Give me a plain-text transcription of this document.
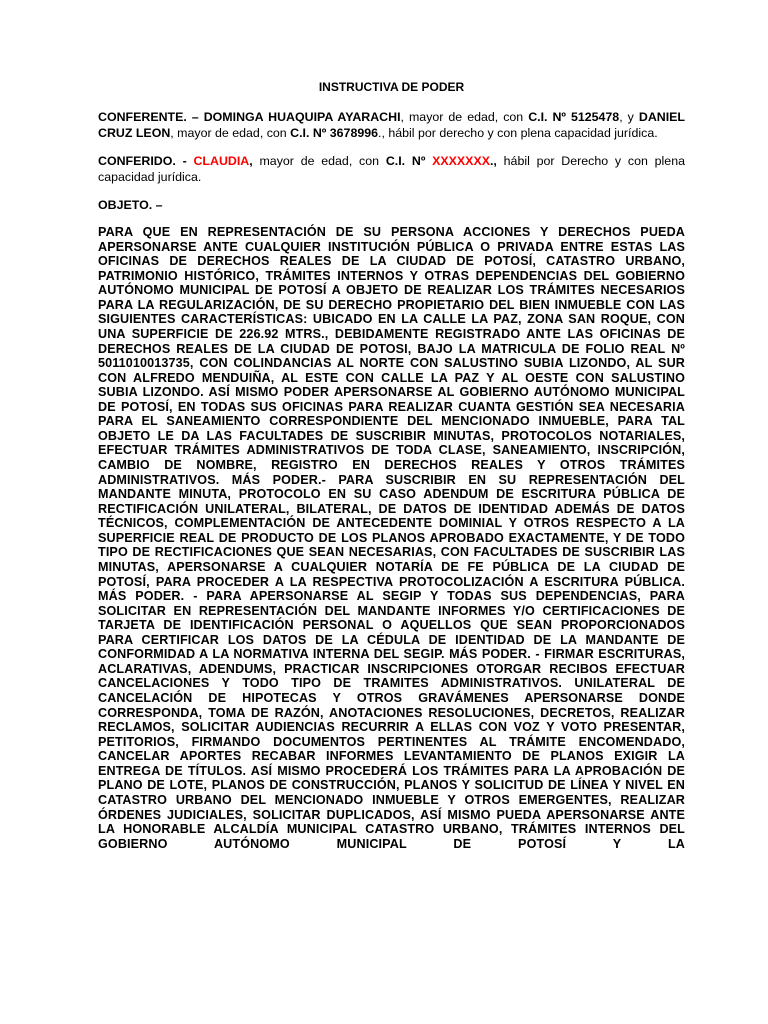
INSTRUCTIVA DE PODER

CONFERENTE. – DOMINGA HUAQUIPA AYARACHI, mayor de edad, con C.I. Nº 5125478, y DANIEL CRUZ LEON, mayor de edad, con C.I. Nº 3678996., hábil por derecho y con plena capacidad jurídica.

CONFERIDO. - CLAUDIA, mayor de edad, con C.I. Nº XXXXXXX., hábil por Derecho y con plena capacidad jurídica.

OBJETO. –

PARA QUE EN REPRESENTACIÓN DE SU PERSONA ACCIONES Y DERECHOS PUEDA APERSONARSE ANTE CUALQUIER INSTITUCIÓN PÚBLICA O PRIVADA ENTRE ESTAS LAS OFICINAS DE DERECHOS REALES DE LA CIUDAD DE POTOSÍ, CATASTRO URBANO, PATRIMONIO HISTÓRICO, TRÁMITES INTERNOS Y OTRAS DEPENDENCIAS DEL GOBIERNO AUTÓNOMO MUNICIPAL DE POTOSÍ A OBJETO DE REALIZAR LOS TRÁMITES NECESARIOS PARA LA REGULARIZACIÓN, DE SU DERECHO PROPIETARIO DEL BIEN INMUEBLE CON LAS SIGUIENTES CARACTERÍSTICAS: UBICADO EN LA CALLE LA PAZ, ZONA SAN ROQUE, CON UNA SUPERFICIE DE 226.92 MTRS., DEBIDAMENTE REGISTRADO ANTE LAS OFICINAS DE DERECHOS REALES DE LA CIUDAD DE POTOSI, BAJO LA MATRICULA DE FOLIO REAL Nº 5011010013735, CON COLINDANCIAS AL NORTE CON SALUSTINO SUBIA LIZONDO, AL SUR CON ALFREDO MENDUIÑA, AL ESTE CON CALLE LA PAZ Y AL OESTE CON SALUSTINO SUBIA LIZONDO. ASÍ MISMO PODER APERSONARSE AL GOBIERNO AUTÓNOMO MUNICIPAL DE POTOSÍ, EN TODAS SUS OFICINAS PARA REALIZAR CUANTA GESTIÓN SEA NECESARIA PARA EL SANEAMIENTO CORRESPONDIENTE DEL MENCIONADO INMUEBLE, PARA TAL OBJETO LE DA LAS FACULTADES DE SUSCRIBIR MINUTAS, PROTOCOLOS NOTARIALES, EFECTUAR TRÁMITES ADMINISTRATIVOS DE TODA CLASE, SANEAMIENTO, INSCRIPCIÓN, CAMBIO DE NOMBRE, REGISTRO EN DERECHOS REALES Y OTROS TRÁMITES ADMINISTRATIVOS. MÁS PODER.- PARA SUSCRIBIR EN SU REPRESENTACIÓN DEL MANDANTE MINUTA, PROTOCOLO EN SU CASO ADENDUM DE ESCRITURA PÚBLICA DE RECTIFICACIÓN UNILATERAL, BILATERAL, DE DATOS DE IDENTIDAD ADEMÁS DE DATOS TÉCNICOS, COMPLEMENTACIÓN DE ANTECEDENTE DOMINIAL Y OTROS RESPECTO A LA SUPERFICIE REAL DE PRODUCTO DE LOS PLANOS APROBADO EXACTAMENTE, Y DE TODO TIPO DE RECTIFICACIONES QUE SEAN NECESARIAS, CON FACULTADES DE SUSCRIBIR LAS MINUTAS, APERSONARSE A CUALQUIER NOTARÍA DE FE PÚBLICA DE LA CIUDAD DE POTOSÍ, PARA PROCEDER A LA RESPECTIVA PROTOCOLIZACIÓN A ESCRITURA PÚBLICA. MÁS PODER. - PARA APERSONARSE AL SEGIP Y TODAS SUS DEPENDENCIAS, PARA SOLICITAR EN REPRESENTACIÓN DEL MANDANTE INFORMES Y/O CERTIFICACIONES DE TARJETA DE IDENTIFICACIÓN PERSONAL O AQUELLOS QUE SEAN PROPORCIONADOS PARA CERTIFICAR LOS DATOS DE LA CÉDULA DE IDENTIDAD DE LA MANDANTE DE CONFORMIDAD A LA NORMATIVA INTERNA DEL SEGIP. MÁS PODER. - FIRMAR ESCRITURAS, ACLARATIVAS, ADENDUMS, PRACTICAR INSCRIPCIONES OTORGAR RECIBOS EFECTUAR CANCELACIONES Y TODO TIPO DE TRAMITES ADMINISTRATIVOS. UNILATERAL DE CANCELACIÓN DE HIPOTECAS Y OTROS GRAVÁMENES APERSONARSE DONDE CORRESPONDA, TOMA DE RAZÓN, ANOTACIONES RESOLUCIONES, DECRETOS, REALIZAR RECLAMOS, SOLICITAR AUDIENCIAS RECURRIR A ELLAS CON VOZ Y VOTO PRESENTAR, PETITORIOS, FIRMANDO DOCUMENTOS PERTINENTES AL TRÁMITE ENCOMENDADO, CANCELAR APORTES RECABAR INFORMES LEVANTAMIENTO DE PLANOS EXIGIR LA ENTREGA DE TÍTULOS. ASÍ MISMO PROCEDERÁ LOS TRÁMITES PARA LA APROBACIÓN DE PLANO DE LOTE, PLANOS DE CONSTRUCCIÓN, PLANOS Y SOLICITUD DE LÍNEA Y NIVEL EN CATASTRO URBANO DEL MENCIONADO INMUEBLE Y OTROS EMERGENTES, REALIZAR ÓRDENES JUDICIALES, SOLICITAR DUPLICADOS, ASÍ MISMO PUEDA APERSONARSE ANTE LA HONORABLE ALCALDÍA MUNICIPAL CATASTRO URBANO, TRÁMITES INTERNOS DEL GOBIERNO AUTÓNOMO MUNICIPAL DE POTOSÍ Y LA
